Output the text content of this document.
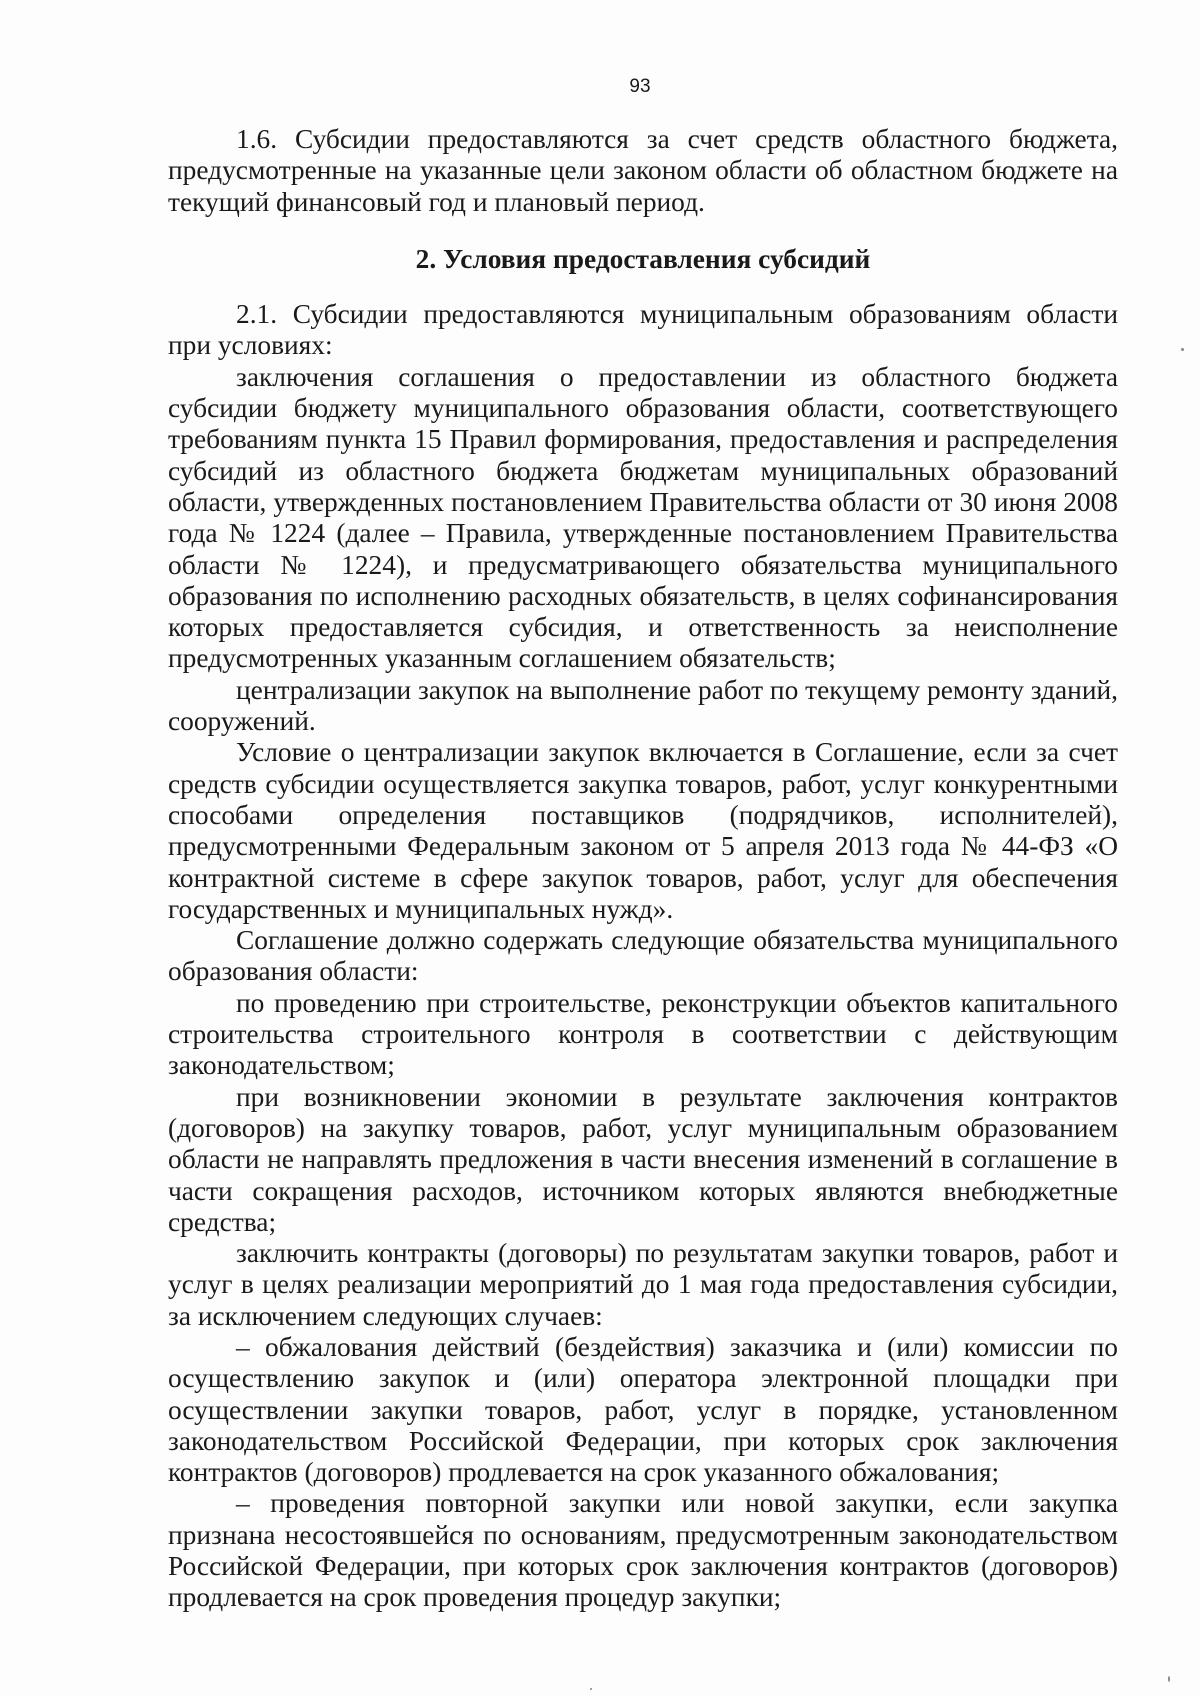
93

1.6. Субсидии предоставляются за счет средств областного бюджета, предусмотренные на указанные цели законом области об областном бюджете на текущий финансовый год и плановый период.

2. Условия предоставления субсидий

2.1. Субсидии предоставляются муниципальным образованиям области при условиях:

заключения соглашения о предоставлении из областного бюджета субсидии бюджету муниципального образования области, соответствующего требованиям пункта 15 Правил формирования, предоставления и распределения субсидий из областного бюджета бюджетам муниципальных образований области, утвержденных постановлением Правительства области от 30 июня 2008 года № 1224 (далее – Правила, утвержденные постановлением Правительства области № 1224), и предусматривающего обязательства муниципального образования по исполнению расходных обязательств, в целях софинансирования которых предоставляется субсидия, и ответственность за неисполнение предусмотренных указанным соглашением обязательств;

централизации закупок на выполнение работ по текущему ремонту зданий, сооружений.

Условие о централизации закупок включается в Соглашение, если за счет средств субсидии осуществляется закупка товаров, работ, услуг конкурентными способами определения поставщиков (подрядчиков, исполнителей), предусмотренными Федеральным законом от 5 апреля 2013 года № 44-ФЗ «О контрактной системе в сфере закупок товаров, работ, услуг для обеспечения государственных и муниципальных нужд».

Соглашение должно содержать следующие обязательства муниципального образования области:

по проведению при строительстве, реконструкции объектов капитального строительства строительного контроля в соответствии с действующим законодательством;

при возникновении экономии в результате заключения контрактов (договоров) на закупку товаров, работ, услуг муниципальным образованием области не направлять предложения в части внесения изменений в соглашение в части сокращения расходов, источником которых являются внебюджетные средства;

заключить контракты (договоры) по результатам закупки товаров, работ и услуг в целях реализации мероприятий до 1 мая года предоставления субсидии, за исключением следующих случаев:

– обжалования действий (бездействия) заказчика и (или) комиссии по осуществлению закупок и (или) оператора электронной площадки при осуществлении закупки товаров, работ, услуг в порядке, установленном законодательством Российской Федерации, при которых срок заключения контрактов (договоров) продлевается на срок указанного обжалования;

– проведения повторной закупки или новой закупки, если закупка признана несостоявшейся по основаниям, предусмотренным законодательством Российской Федерации, при которых срок заключения контрактов (договоров) продлевается на срок проведения процедур закупки;
